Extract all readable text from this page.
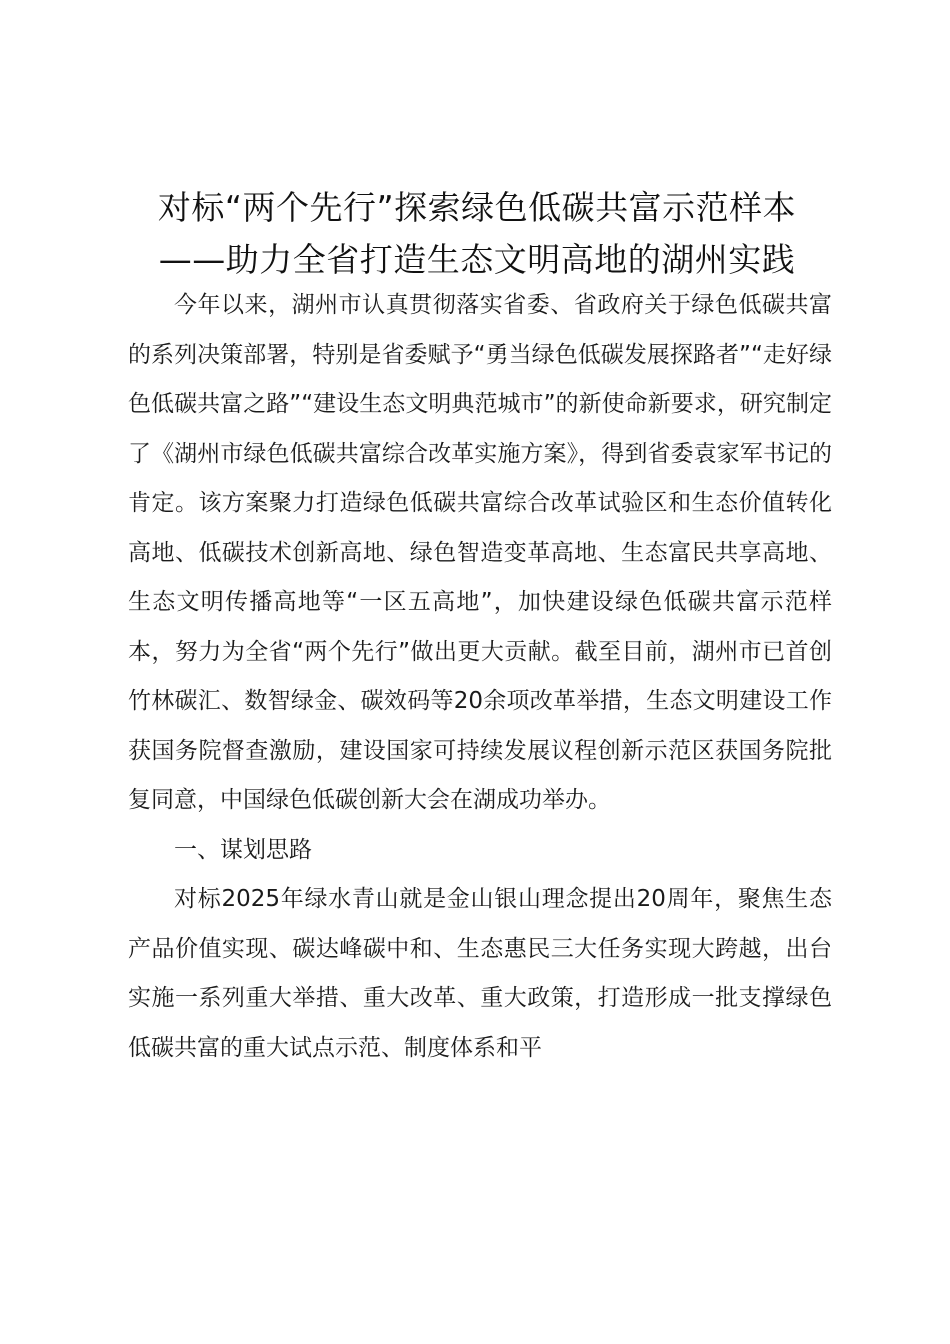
对标“两个先行”探索绿色低碳共富示范样本
——助力全省打造生态文明高地的湖州实践

今年以来，湖州市认真贯彻落实省委、省政府关于绿色低碳共富的系列决策部署，特别是省委赋予“勇当绿色低碳发展探路者”“走好绿色低碳共富之路”“建设生态文明典范城市”的新使命新要求，研究制定了《湖州市绿色低碳共富综合改革实施方案》，得到省委袁家军书记的肯定。该方案聚力打造绿色低碳共富综合改革试验区和生态价值转化高地、低碳技术创新高地、绿色智造变革高地、生态富民共享高地、生态文明传播高地等“一区五高地”，加快建设绿色低碳共富示范样本，努力为全省“两个先行”做出更大贡献。截至目前，湖州市已首创竹林碳汇、数智绿金、碳效码等20余项改革举措，生态文明建设工作获国务院督查激励，建设国家可持续发展议程创新示范区获国务院批复同意，中国绿色低碳创新大会在湖成功举办。

一、谋划思路

对标2025年绿水青山就是金山银山理念提出20周年，聚焦生态产品价值实现、碳达峰碳中和、生态惠民三大任务实现大跨越，出台实施一系列重大举措、重大改革、重大政策，打造形成一批支撑绿色低碳共富的重大试点示范、制度体系和平
